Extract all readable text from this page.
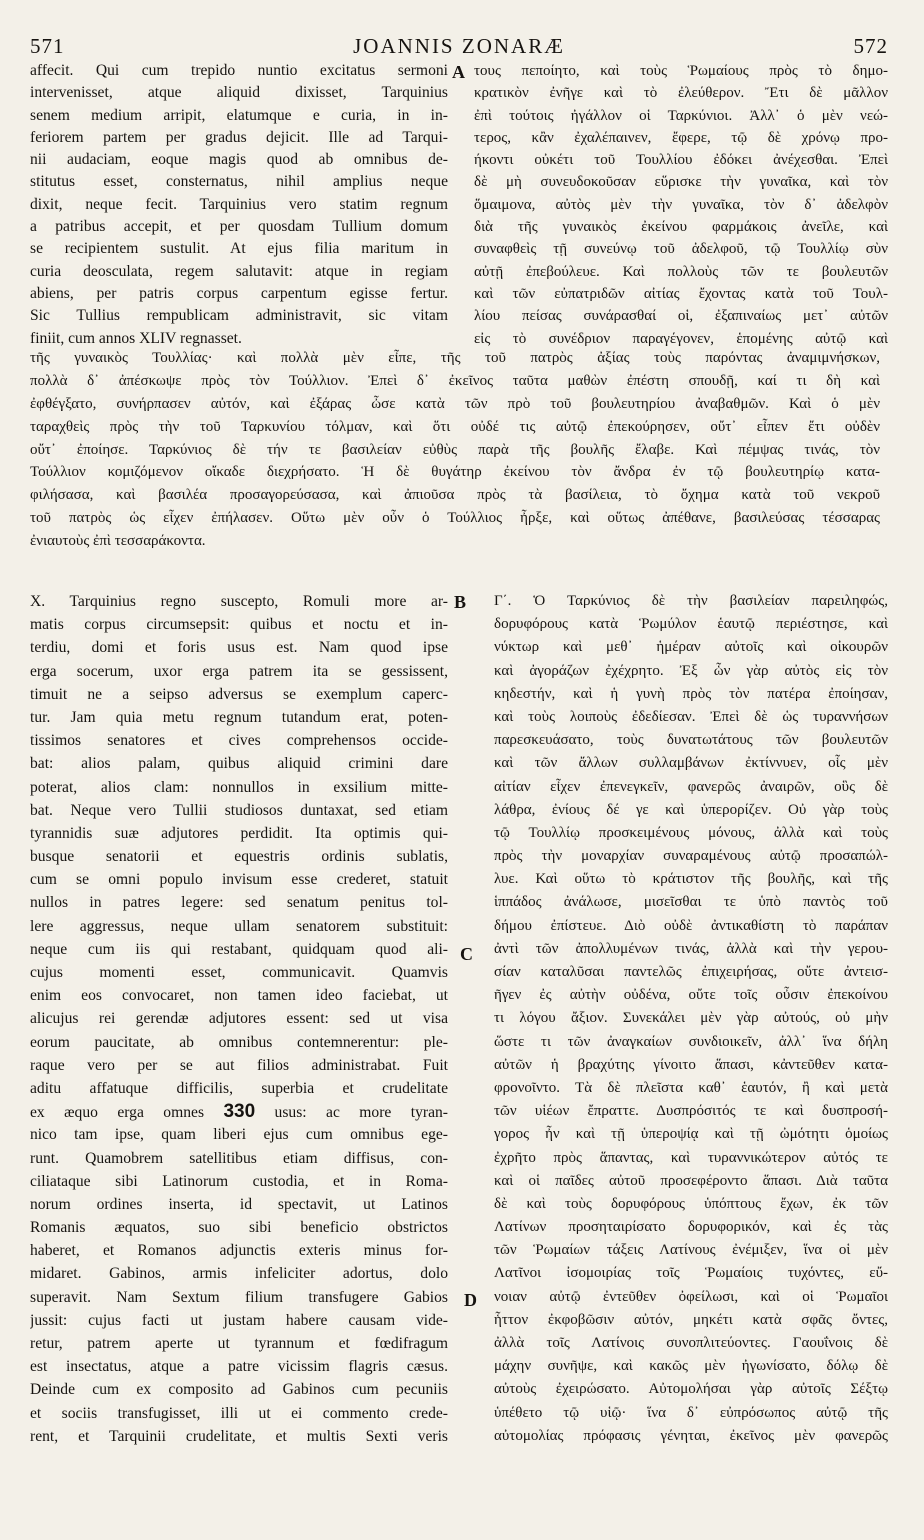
571	JOANNIS ZONARÆ	572
A
B
C
D
affecit. Qui cum trepido nuntio excitatus sermoni
intervenisset, atque aliquid dixisset, Tarquinius
senem medium arripit, elatumque e curia, in in-
feriorem partem per gradus dejicit. Ille ad Tarqui-
nii audaciam, eoque magis quod ab omnibus de-
stitutus esset, consternatus, nihil amplius neque
dixit, neque fecit. Tarquinius vero statim regnum
a patribus accepit, et per quosdam Tullium domum
se recipientem sustulit. At ejus filia maritum in
curia deosculata, regem salutavit: atque in regiam
abiens, per patris corpus carpentum egisse fertur.
Sic Tullius rempublicam administravit, sic vitam
finiit, cum annos XLIV regnasset.
τους πεποίητο, καὶ τοὺς Ῥωμαίους πρὸς τὸ δημο-
κρατικὸν ἐνῆγε καὶ τὸ ἐλεύθερον. Ἔτι δὲ μᾶλλον
ἐπὶ τούτοις ἠγάλλον οἱ Ταρκύνιοι. Ἀλλ᾽ ὁ μὲν νεώ-
τερος, κἂν ἐχαλέπαινεν, ἔφερε, τῷ δὲ χρόνῳ προ-
ήκοντι οὐκέτι τοῦ Τουλλίου ἐδόκει ἀνέχεσθαι. Ἐπεὶ
δὲ μὴ συνευδοκοῦσαν εὕρισκε τὴν γυναῖκα, καὶ τὸν
ὅμαιμονα, αὐτὸς μὲν τὴν γυναῖκα, τὸν δ᾽ ἀδελφὸν
διὰ τῆς γυναικὸς ἐκείνου φαρμάκοις ἀνεῖλε, καὶ
συναφθεὶς τῇ συνεύνῳ τοῦ ἀδελφοῦ, τῷ Τουλλίῳ σὺν
αὐτῇ ἐπεβούλευε. Καὶ πολλοὺς τῶν τε βουλευτῶν
καὶ τῶν εὐπατριδῶν αἰτίας ἔχοντας κατὰ τοῦ Τουλ-
λίου πείσας συνάρασθαί οἱ, ἐξαπιναίως μετ᾽ αὐτῶν
εἰς τὸ συνέδριον παραγέγονεν, ἑπομένης αὐτῷ καὶ
τῆς γυναικὸς Τουλλίας· καὶ πολλὰ μὲν εἶπε, τῆς τοῦ πατρὸς ἀξίας τοὺς παρόντας ἀναμιμνήσκων,
πολλὰ δ᾽ ἀπέσκωψε πρὸς τὸν Τούλλιον. Ἐπεὶ δ᾽ ἐκεῖνος ταῦτα μαθὼν ἐπέστη σπουδῇ, καί τι δὴ καὶ
ἐφθέγξατο, συνήρπασεν αὐτόν, καὶ ἐξάρας ὦσε κατὰ τῶν πρὸ τοῦ βουλευτηρίου ἀναβαθμῶν. Καὶ ὁ μὲν
ταραχθεὶς πρὸς τὴν τοῦ Ταρκυνίου τόλμαν, καὶ ὅτι οὐδέ τις αὐτῷ ἐπεκούρησεν, οὔτ᾽ εἶπεν ἔτι οὐδὲν
οὔτ᾽ ἐποίησε. Ταρκύνιος δὲ τήν τε βασιλείαν εὐθὺς παρὰ τῆς βουλῆς ἔλαβε. Καὶ πέμψας τινάς, τὸν
Τούλλιον κομιζόμενον οἴκαδε διεχρήσατο. Ἡ δὲ θυγάτηρ ἐκείνου τὸν ἄνδρα ἐν τῷ βουλευτηρίῳ κατα-
φιλήσασα, καὶ βασιλέα προσαγορεύσασα, καὶ ἀπιοῦσα πρὸς τὰ βασίλεια, τὸ ὄχημα κατὰ τοῦ νεκροῦ
τοῦ πατρὸς ὡς εἶχεν ἐπήλασεν. Οὕτω μὲν οὖν ὁ Τούλλιος ἦρξε, καὶ οὕτως ἀπέθανε, βασιλεύσας τέσσαρας
ἐνιαυτοὺς ἐπὶ τεσσαράκοντα.
X. Tarquinius regno suscepto, Romuli more ar-
matis corpus circumsepsit: quibus et noctu et in-
terdiu, domi et foris usus est. Nam quod ipse
erga socerum, uxor erga patrem ita se gessissent,
timuit ne a seipso adversus se exemplum caperc-
tur. Jam quia metu regnum tutandum erat, poten-
tissimos senatores et cives comprehensos occide-
bat: alios palam, quibus aliquid crimini dare
poterat, alios clam: nonnullos in exsilium mitte-
bat. Neque vero Tullii studiosos duntaxat, sed etiam
tyrannidis suæ adjutores perdidit. Ita optimis qui-
busque senatorii et equestris ordinis sublatis,
cum se omni populo invisum esse crederet, statuit
nullos in patres legere: sed senatum penitus tol-
lere aggressus, neque ullam senatorem substituit:
neque cum iis qui restabant, quidquam quod ali-
cujus momenti esset, communicavit. Quamvis
enim eos convocaret, non tamen ideo faciebat, ut
alicujus rei gerendæ adjutores essent: sed ut visa
eorum paucitate, ab omnibus contemnerentur: ple-
raque vero per se aut filios administrabat. Fuit
aditu affatuque difficilis, superbia et crudelitate
ex æquo erga omnes 330 usus: ac more tyran-
nico tam ipse, quam liberi ejus cum omnibus ege-
runt. Quamobrem satellitibus etiam diffisus, con-
ciliataque sibi Latinorum custodia, et in Roma-
norum ordines inserta, id spectavit, ut Latinos
Romanis æquatos, suo sibi beneficio obstrictos
haberet, et Romanos adjunctis exteris minus for-
midaret. Gabinos, armis infeliciter adortus, dolo
superavit. Nam Sextum filium transfugere Gabios
jussit: cujus facti ut justam habere causam vide-
retur, patrem aperte ut tyrannum et fœdifragum
est insectatus, atque a patre vicissim flagris cæsus.
Deinde cum ex composito ad Gabinos cum pecuniis
et sociis transfugisset, illi ut ei commento crede-
rent, et Tarquinii crudelitate, et multis Sexti veris
Γ΄. Ὁ Ταρκύνιος δὲ τὴν βασιλείαν παρειληφώς,
δορυφόρους κατὰ Ῥωμύλον ἑαυτῷ περιέστησε, καὶ
νύκτωρ καὶ μεθ᾽ ἡμέραν αὐτοῖς καὶ οἰκουρῶν
καὶ ἀγοράζων ἐχέχρητο. Ἐξ ὧν γὰρ αὐτὸς εἰς τὸν
κηδεστήν, καὶ ἡ γυνὴ πρὸς τὸν πατέρα ἐποίησαν,
καὶ τοὺς λοιποὺς ἐδεδίεσαν. Ἐπεὶ δὲ ὡς τυραννήσων
παρεσκευάσατο, τοὺς δυνατωτάτους τῶν βουλευτῶν
καὶ τῶν ἄλλων συλλαμβάνων ἐκτίννυεν, οἷς μὲν
αἰτίαν εἶχεν ἐπενεγκεῖν, φανερῶς ἀναιρῶν, οὓς δὲ
λάθρα, ἐνίους δέ γε καὶ ὑπερορίζεν. Οὐ γὰρ τοὺς
τῷ Τουλλίῳ προσκειμένους μόνους, ἀλλὰ καὶ τοὺς
πρὸς τὴν μοναρχίαν συναραμένους αὐτῷ προσαπώλ-
λυε. Καὶ οὕτω τὸ κράτιστον τῆς βουλῆς, καὶ τῆς
ἱππάδος ἀνάλωσε, μισεῖσθαι τε ὑπὸ παντὸς τοῦ
δήμου ἐπίστευε. Διὸ οὐδὲ ἀντικαθίστη τὸ παράπαν
ἀντὶ τῶν ἀπολλυμένων τινάς, ἀλλὰ καὶ τὴν γερου-
σίαν καταλῦσαι παντελῶς ἐπιχειρήσας, οὔτε ἀντεισ-
ῆγεν ἐς αὐτὴν οὐδένα, οὔτε τοῖς οὖσιν ἐπεκοίνου
τι λόγου ἄξιον. Συνεκάλει μὲν γὰρ αὐτούς, οὐ μὴν
ὥστε τι τῶν ἀναγκαίων συνδιοικεῖν, ἀλλ᾽ ἵνα δήλη
αὐτῶν ἡ βραχύτης γίνοιτο ἅπασι, κἀντεῦθεν κατα-
φρονοῖντο. Τὰ δὲ πλεῖστα καθ᾽ ἑαυτόν, ἢ καὶ μετὰ
τῶν υἱέων ἔπραττε. Δυσπρόσιτός τε καὶ δυσπροσή-
γορος ἦν καὶ τῇ ὑπεροψίᾳ καὶ τῇ ὠμότητι ὁμοίως
ἐχρῆτο πρὸς ἅπαντας, καὶ τυραννικώτερον αὐτός τε
καὶ οἱ παῖδες αὐτοῦ προσεφέροντο ἅπασι. Διὰ ταῦτα
δὲ καὶ τοὺς δορυφόρους ὑπόπτους ἔχων, ἐκ τῶν
Λατίνων προσηταιρίσατο δορυφορικόν, καὶ ἐς τὰς
τῶν Ῥωμαίων τάξεις Λατίνους ἐνέμιξεν, ἵνα οἱ μὲν
Λατῖνοι ἰσομοιρίας τοῖς Ῥωμαίοις τυχόντες, εὔ-
νοιαν αὐτῷ ἐντεῦθεν ὀφείλωσι, καὶ οἱ Ῥωμαῖοι
ἧττον ἐκφοβῶσιν αὐτόν, μηκέτι κατὰ σφᾶς ὄντες,
ἀλλὰ τοῖς Λατίνοις συνοπλιτεύοντες. Γαουΐνοις δὲ
μάχην συνῆψε, καὶ κακῶς μὲν ἠγωνίσατο, δόλῳ δὲ
αὐτοὺς ἐχειρώσατο. Αὐτομολήσαι γὰρ αὐτοῖς Σέξτῳ
ὑπέθετο τῷ υἱῷ· ἵνα δ᾽ εὐπρόσωπος αὐτῷ τῆς
αὐτομολίας πρόφασις γένηται, ἐκεῖνος μὲν φανερῶς
